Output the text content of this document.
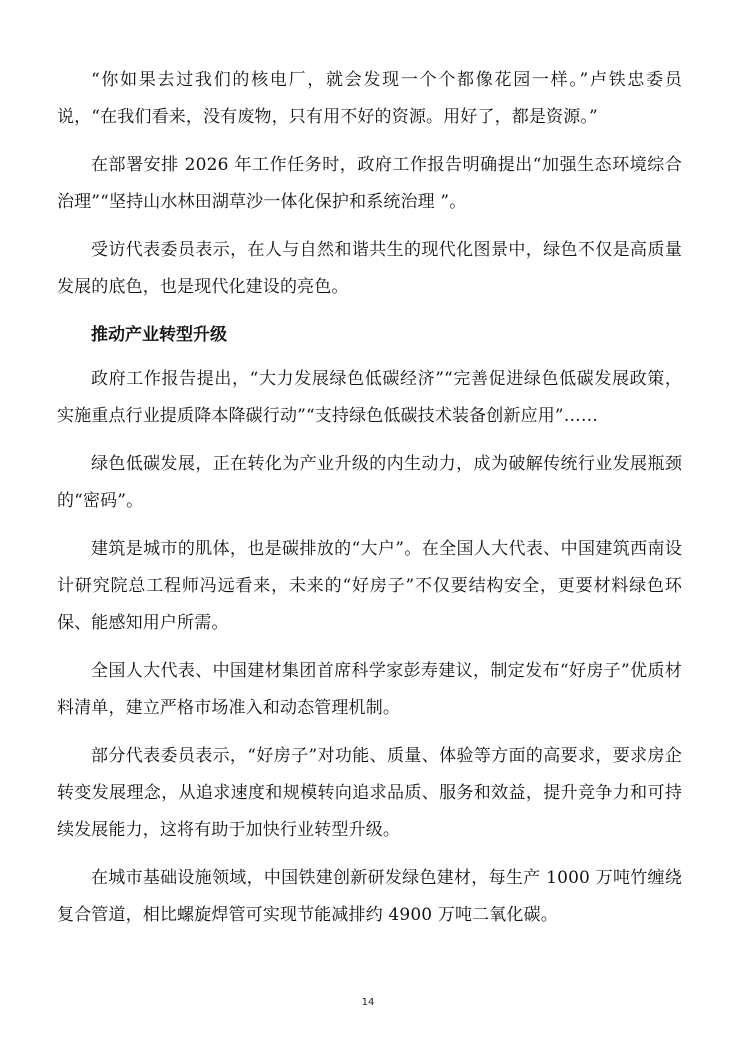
“你如果去过我们的核电厂，就会发现一个个都像花园一样。”卢铁忠委员说，“在我们看来，没有废物，只有用不好的资源。用好了，都是资源。”

在部署安排 2026 年工作任务时，政府工作报告明确提出“加强生态环境综合治理”“坚持山水林田湖草沙一体化保护和系统治理 ”。

受访代表委员表示，在人与自然和谐共生的现代化图景中，绿色不仅是高质量发展的底色，也是现代化建设的亮色。

推动产业转型升级

政府工作报告提出，“大力发展绿色低碳经济”“完善促进绿色低碳发展政策，实施重点行业提质降本降碳行动”“支持绿色低碳技术装备创新应用”……

绿色低碳发展，正在转化为产业升级的内生动力，成为破解传统行业发展瓶颈的“密码”。

建筑是城市的肌体，也是碳排放的“大户”。在全国人大代表、中国建筑西南设计研究院总工程师冯远看来，未来的“好房子”不仅要结构安全，更要材料绿色环保、能感知用户所需。

全国人大代表、中国建材集团首席科学家彭寿建议，制定发布“好房子”优质材料清单，建立严格市场准入和动态管理机制。

部分代表委员表示，“好房子”对功能、质量、体验等方面的高要求，要求房企转变发展理念，从追求速度和规模转向追求品质、服务和效益，提升竞争力和可持续发展能力，这将有助于加快行业转型升级。

在城市基础设施领域，中国铁建创新研发绿色建材，每生产 1000 万吨竹缠绕复合管道，相比螺旋焊管可实现节能减排约 4900 万吨二氧化碳。

14
